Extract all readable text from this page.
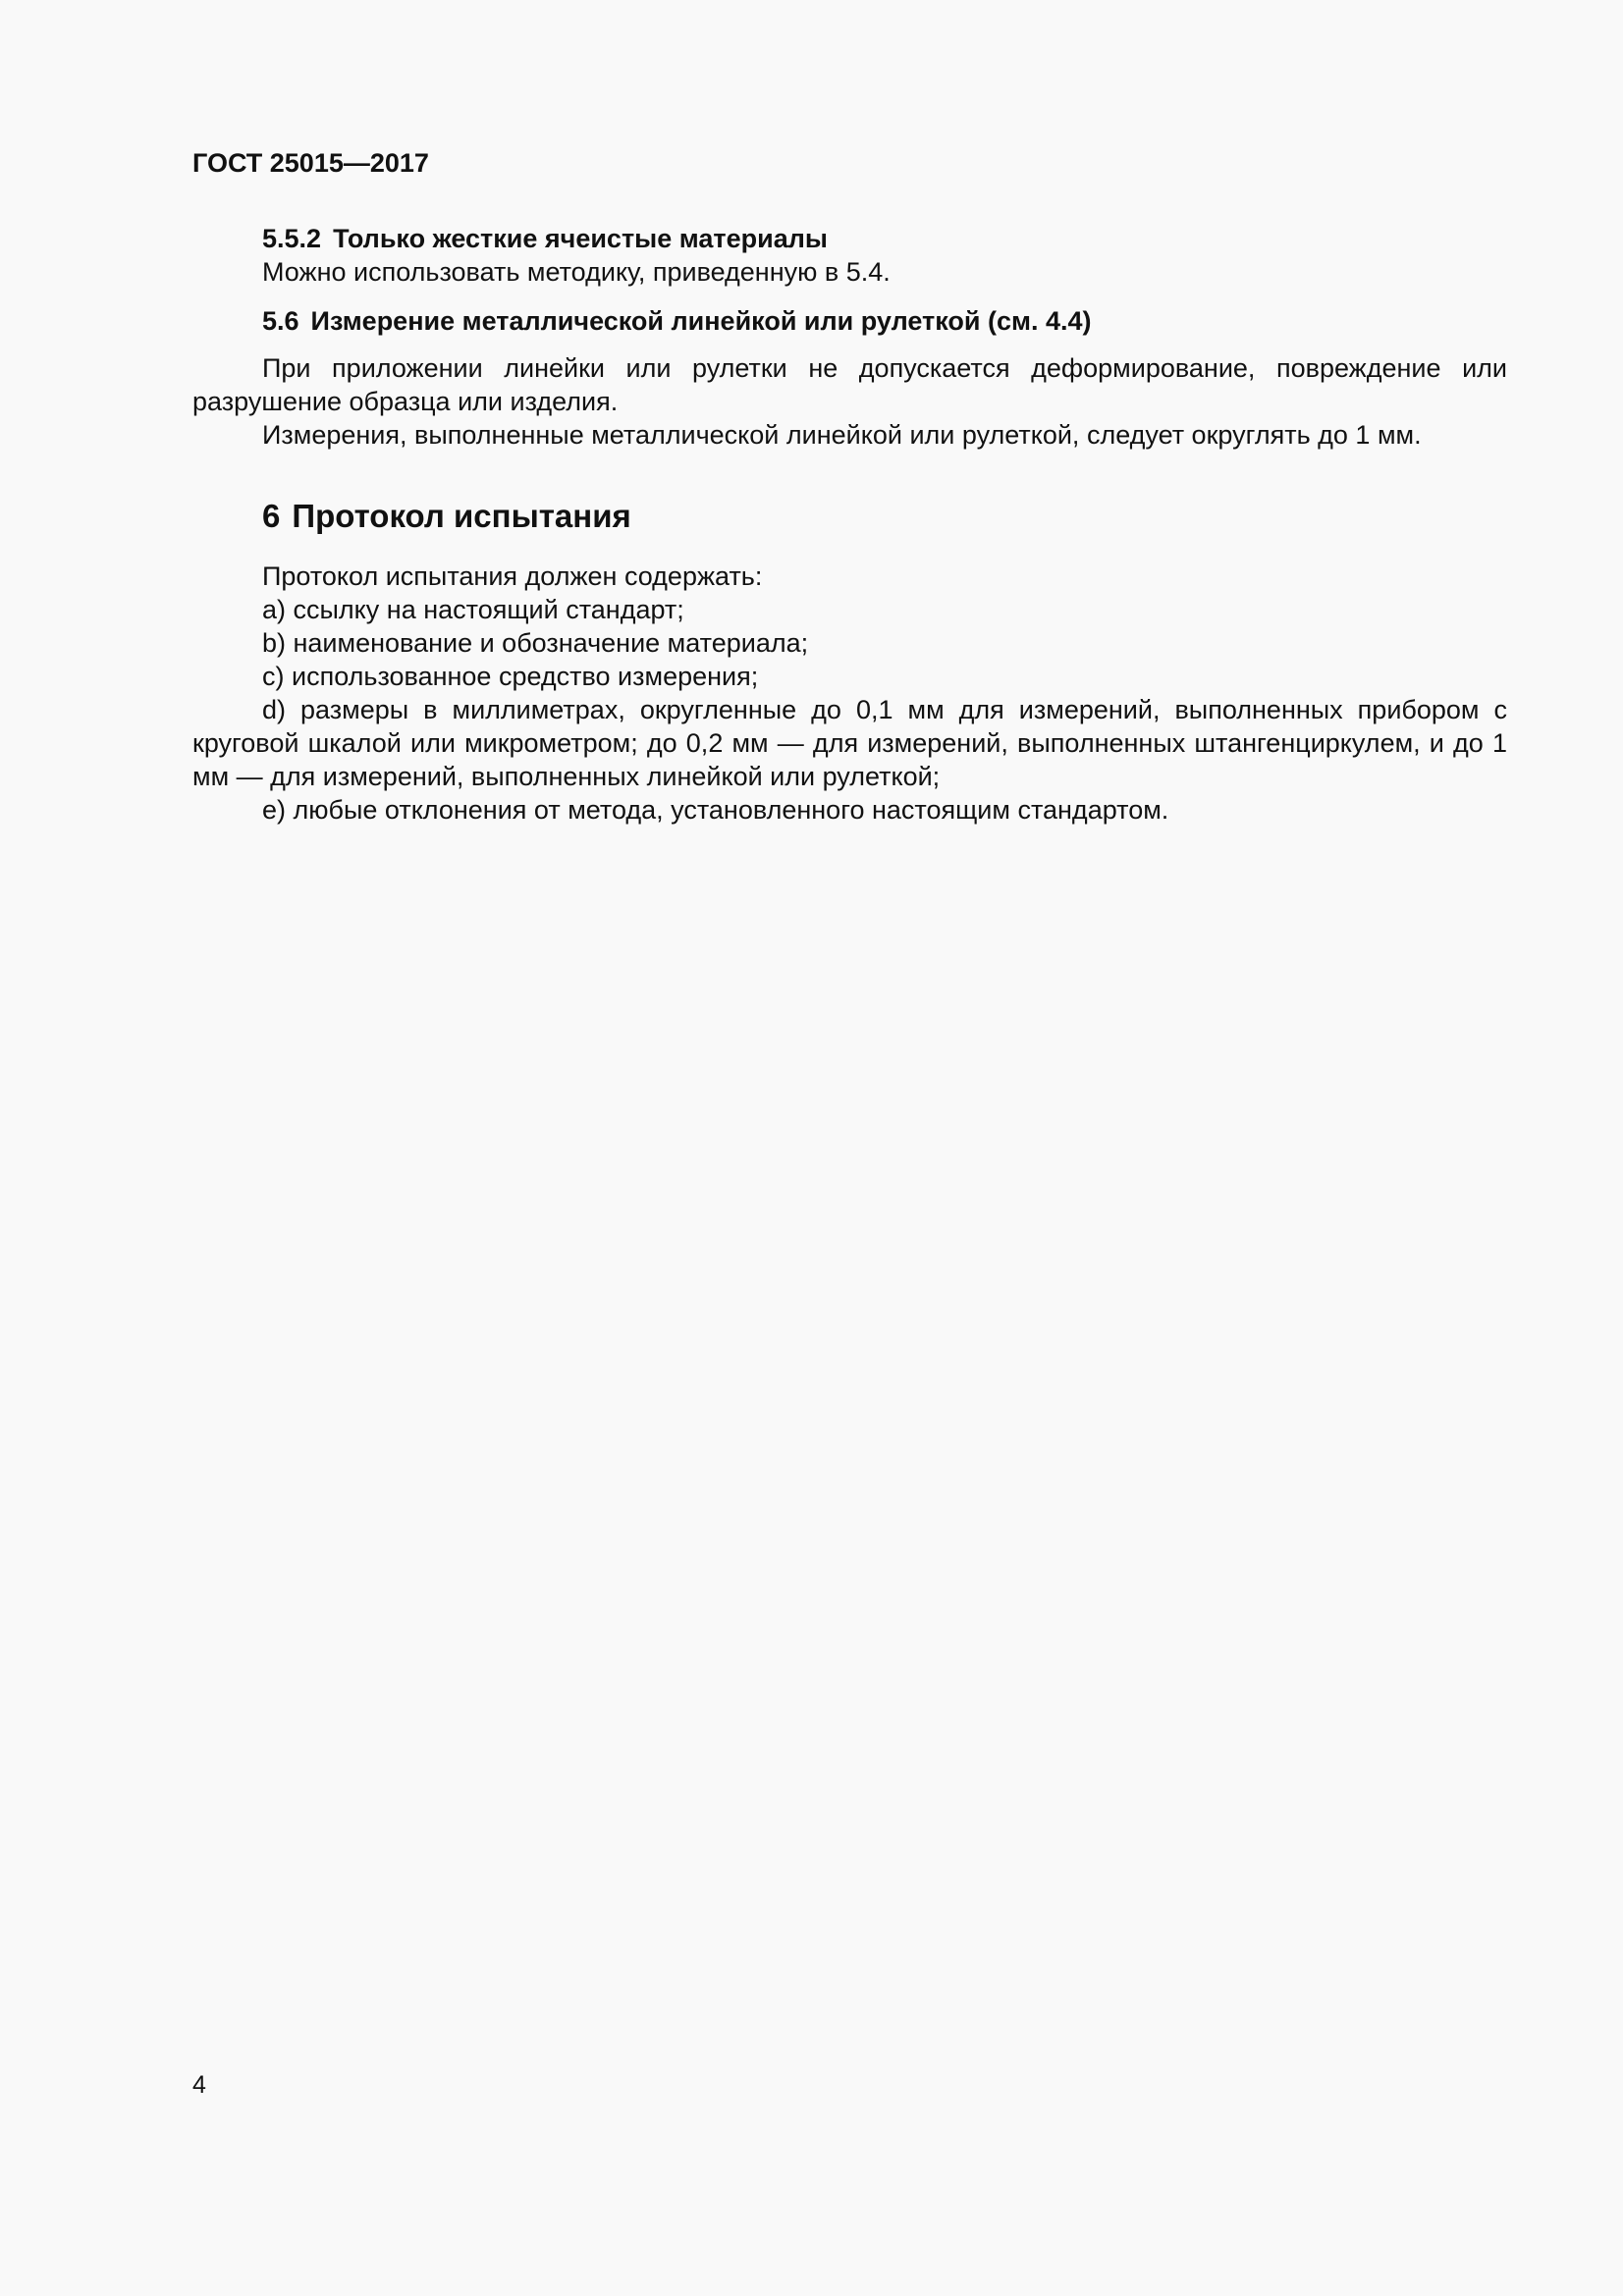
ГОСТ 25015—2017

5.5.2 Только жесткие ячеистые материалы

Можно использовать методику, приведенную в 5.4.

5.6 Измерение металлической линейкой или рулеткой (см. 4.4)

При приложении линейки или рулетки не допускается деформирование, повреждение или разрушение образца или изделия.

Измерения, выполненные металлической линейкой или рулеткой, следует округлять до 1 мм.

6 Протокол испытания

Протокол испытания должен содержать:

a) ссылку на настоящий стандарт;

b) наименование и обозначение материала;

c) использованное средство измерения;

d) размеры в миллиметрах, округленные до 0,1 мм для измерений, выполненных прибором с круговой шкалой или микрометром; до 0,2 мм — для измерений, выполненных штангенциркулем, и до 1 мм — для измерений, выполненных линейкой или рулеткой;

e) любые отклонения от метода, установленного настоящим стандартом.

4
